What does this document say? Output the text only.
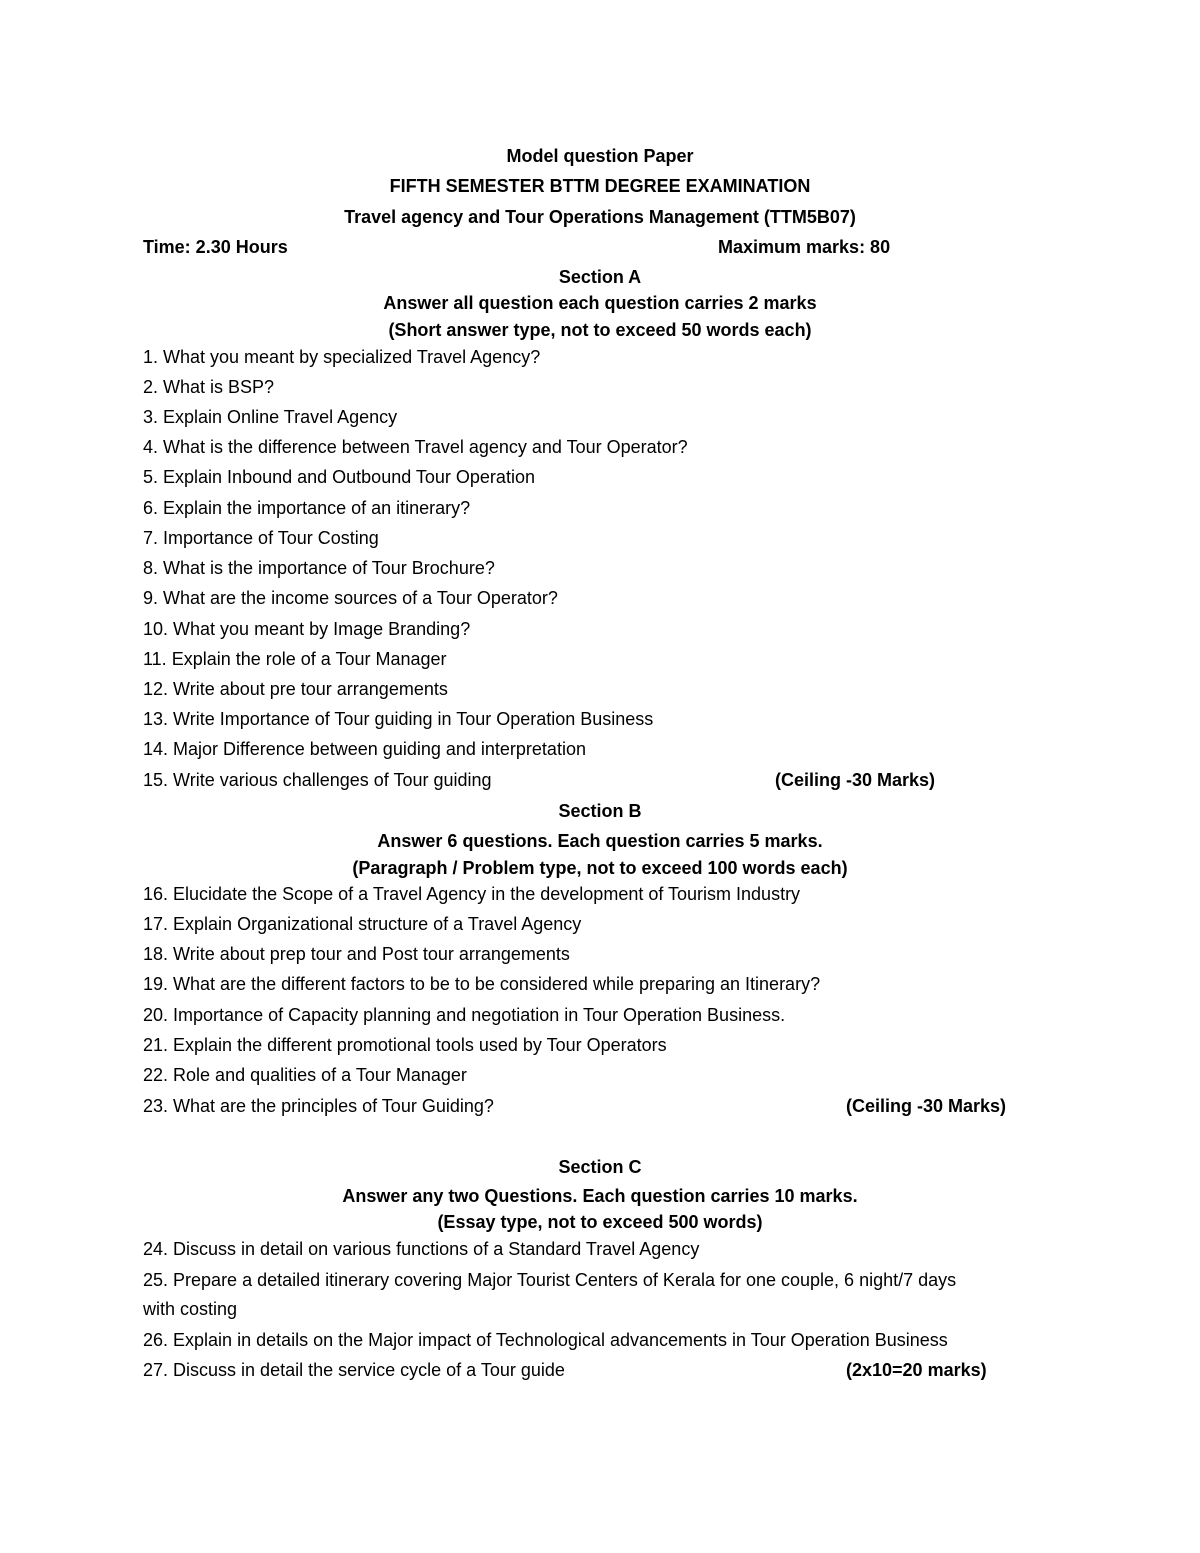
Model question Paper
FIFTH SEMESTER BTTM DEGREE EXAMINATION
Travel agency and Tour Operations Management (TTM5B07)
Time: 2.30 Hours	Maximum marks: 80
Section A
Answer all question each question carries 2 marks
(Short answer type, not to exceed 50 words each)
1. What you meant by specialized Travel Agency?
2. What is BSP?
3. Explain Online Travel Agency
4. What is the difference between Travel agency and Tour Operator?
5. Explain Inbound and Outbound Tour Operation
6. Explain the importance of an itinerary?
7. Importance of Tour Costing
8. What is the importance of Tour Brochure?
9. What are the income sources of a Tour Operator?
10. What you meant by Image Branding?
11. Explain the role of a Tour Manager
12. Write about pre tour arrangements
13. Write Importance of Tour guiding in Tour Operation Business
14. Major Difference between guiding and interpretation
15. Write various challenges of Tour guiding	(Ceiling -30 Marks)
Section B
Answer 6 questions. Each question carries 5 marks.
(Paragraph / Problem type, not to exceed 100 words each)
16. Elucidate the Scope of a Travel Agency in the development of Tourism Industry
17. Explain Organizational structure of a Travel Agency
18. Write about prep tour and Post tour arrangements
19. What are the different factors to be to be considered while preparing an Itinerary?
20. Importance of Capacity planning and negotiation in Tour Operation Business.
21. Explain the different promotional tools used by Tour Operators
22. Role and qualities of a Tour Manager
23. What are the principles of Tour Guiding?	(Ceiling -30 Marks)
Section C
Answer any two Questions. Each question carries 10 marks.
(Essay type, not to exceed 500 words)
24. Discuss in detail on various functions of a Standard Travel Agency
25. Prepare a detailed itinerary covering Major Tourist Centers of Kerala for one couple, 6 night/7 days
with costing
26. Explain in details on the Major impact of Technological advancements in Tour Operation Business
27. Discuss in detail the service cycle of a Tour guide	(2x10=20 marks)
